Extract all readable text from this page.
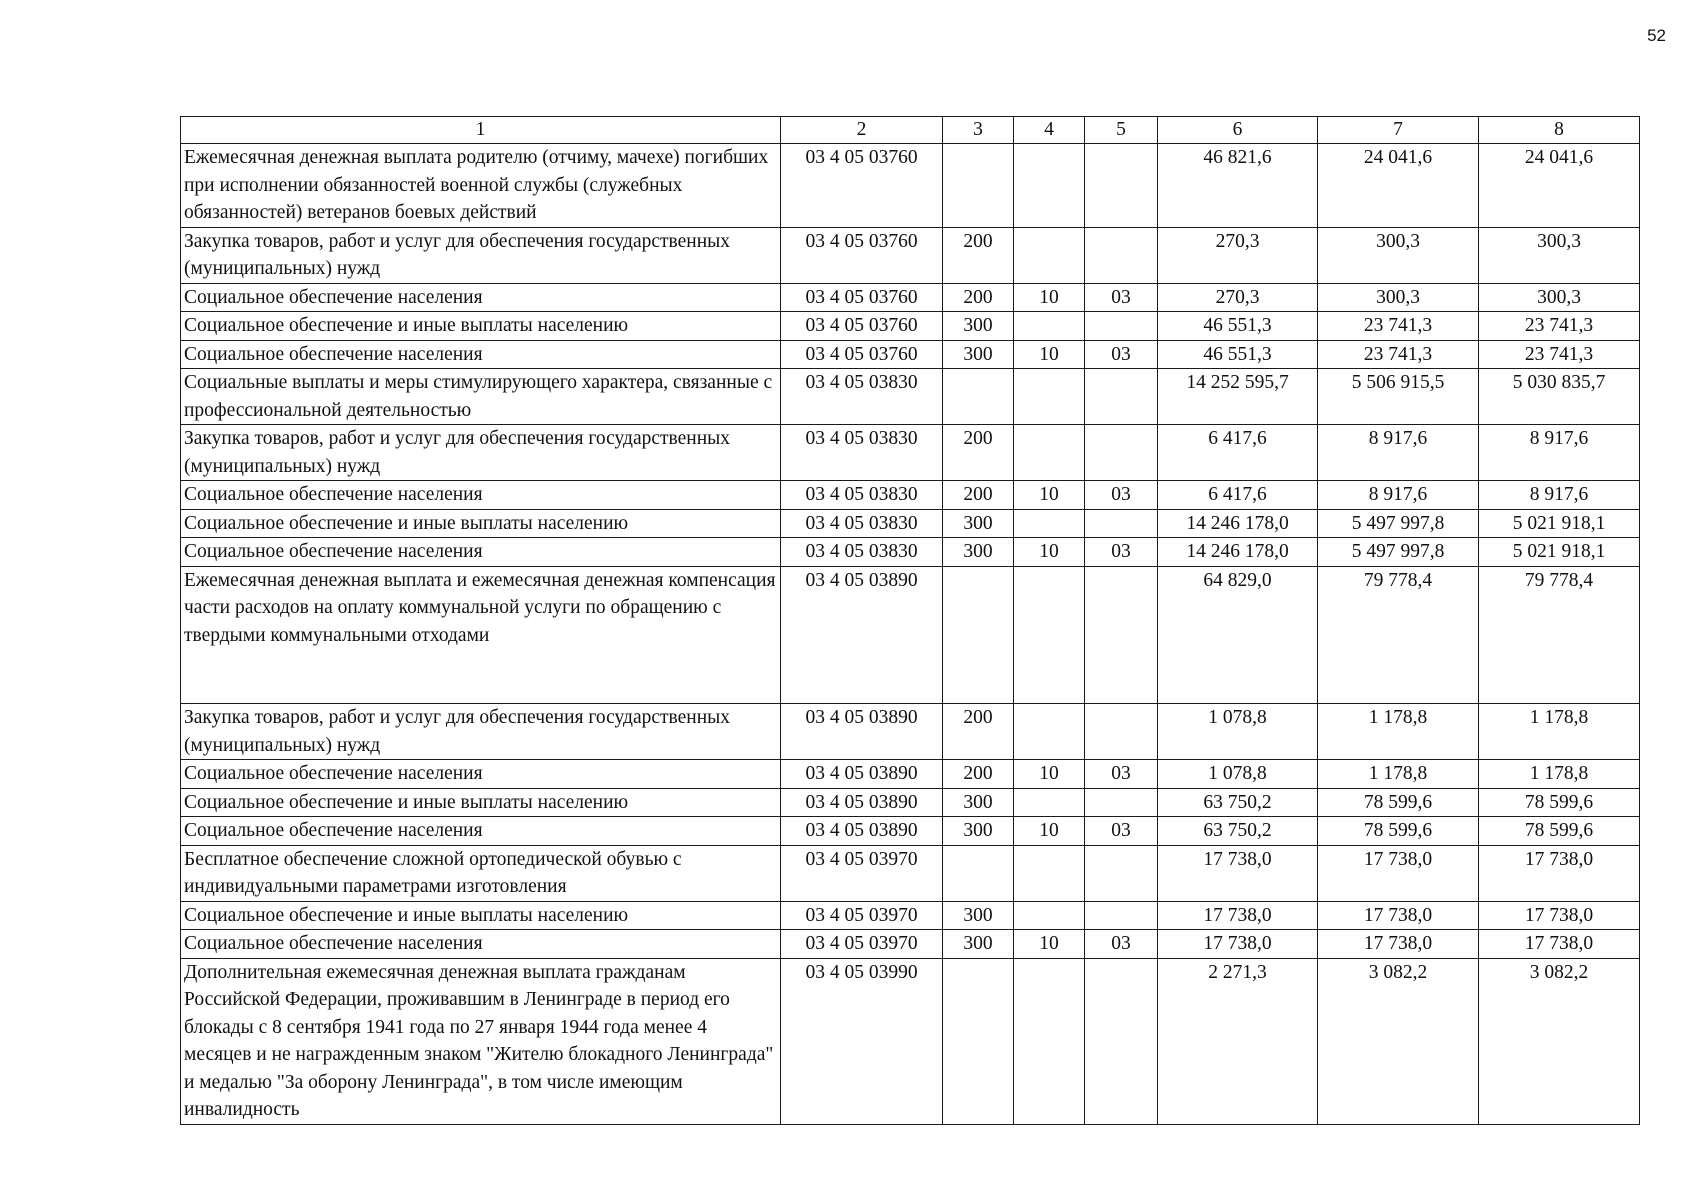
52
1	2	3	4	5	6	7	8
Ежемесячная денежная выплата родителю (отчиму, мачехе) погибших при исполнении обязанностей военной службы (служебных обязанностей) ветеранов боевых действий	03 4 05 03760				46 821,6	24 041,6	24 041,6
Закупка товаров, работ и услуг для обеспечения государственных (муниципальных) нужд	03 4 05 03760	200			270,3	300,3	300,3
Социальное обеспечение населения	03 4 05 03760	200	10	03	270,3	300,3	300,3
Социальное обеспечение и иные выплаты населению	03 4 05 03760	300			46 551,3	23 741,3	23 741,3
Социальное обеспечение населения	03 4 05 03760	300	10	03	46 551,3	23 741,3	23 741,3
Социальные выплаты и меры стимулирующего характера, связанные с профессиональной деятельностью	03 4 05 03830				14 252 595,7	5 506 915,5	5 030 835,7
Закупка товаров, работ и услуг для обеспечения государственных (муниципальных) нужд	03 4 05 03830	200			6 417,6	8 917,6	8 917,6
Социальное обеспечение населения	03 4 05 03830	200	10	03	6 417,6	8 917,6	8 917,6
Социальное обеспечение и иные выплаты населению	03 4 05 03830	300			14 246 178,0	5 497 997,8	5 021 918,1
Социальное обеспечение населения	03 4 05 03830	300	10	03	14 246 178,0	5 497 997,8	5 021 918,1
Ежемесячная денежная выплата и ежемесячная денежная компенсация части расходов на оплату коммунальной услуги по обращению с твердыми коммунальными отходами	03 4 05 03890				64 829,0	79 778,4	79 778,4
Закупка товаров, работ и услуг для обеспечения государственных (муниципальных) нужд	03 4 05 03890	200			1 078,8	1 178,8	1 178,8
Социальное обеспечение населения	03 4 05 03890	200	10	03	1 078,8	1 178,8	1 178,8
Социальное обеспечение и иные выплаты населению	03 4 05 03890	300			63 750,2	78 599,6	78 599,6
Социальное обеспечение населения	03 4 05 03890	300	10	03	63 750,2	78 599,6	78 599,6
Бесплатное обеспечение сложной ортопедической обувью с индивидуальными параметрами изготовления	03 4 05 03970				17 738,0	17 738,0	17 738,0
Социальное обеспечение и иные выплаты населению	03 4 05 03970	300			17 738,0	17 738,0	17 738,0
Социальное обеспечение населения	03 4 05 03970	300	10	03	17 738,0	17 738,0	17 738,0
Дополнительная ежемесячная денежная выплата гражданам Российской Федерации, проживавшим в Ленинграде в период его блокады с 8 сентября 1941 года по 27 января 1944 года менее 4 месяцев и не награжденным знаком "Жителю блокадного Ленинграда" и медалью "За оборону Ленинграда", в том числе имеющим инвалидность	03 4 05 03990				2 271,3	3 082,2	3 082,2
